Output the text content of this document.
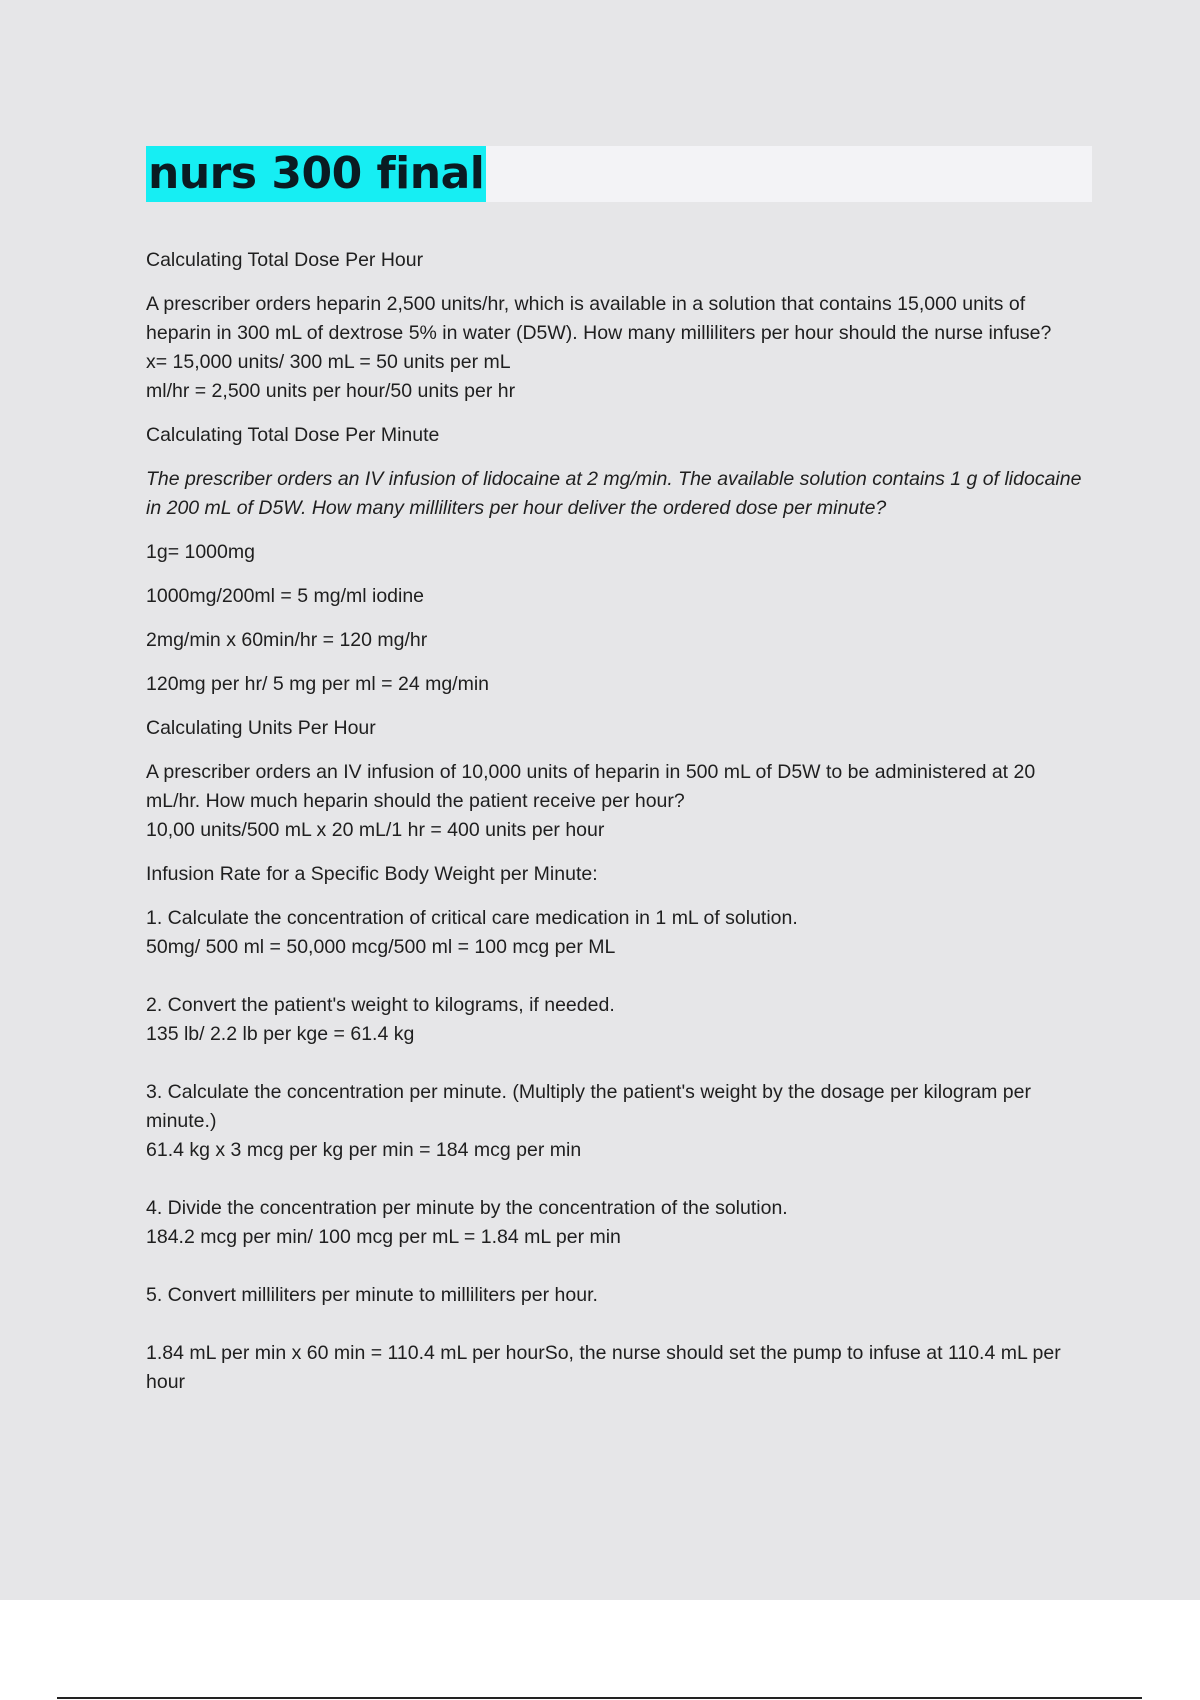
nurs 300 final
Calculating Total Dose Per Hour
A prescriber orders heparin 2,500 units/hr, which is available in a solution that contains 15,000 units of heparin in 300 mL of dextrose 5% in water (D5W). How many milliliters per hour should the nurse infuse?
x= 15,000 units/ 300 mL = 50 units per mL
ml/hr = 2,500 units per hour/50 units per hr
Calculating Total Dose Per Minute
The prescriber orders an IV infusion of lidocaine at 2 mg/min. The available solution contains 1 g of lidocaine in 200 mL of D5W. How many milliliters per hour deliver the ordered dose per minute?
1g= 1000mg
1000mg/200ml = 5 mg/ml iodine
2mg/min x 60min/hr = 120 mg/hr
120mg per hr/ 5 mg per ml = 24 mg/min
Calculating Units Per Hour
A prescriber orders an IV infusion of 10,000 units of heparin in 500 mL of D5W to be administered at 20 mL/hr. How much heparin should the patient receive per hour?
10,00 units/500 mL x 20 mL/1 hr = 400 units per hour
Infusion Rate for a Specific Body Weight per Minute:
1. Calculate the concentration of critical care medication in 1 mL of solution.
50mg/ 500 ml = 50,000 mcg/500 ml = 100 mcg per ML
2. Convert the patient's weight to kilograms, if needed.
135 lb/ 2.2 lb per kge = 61.4 kg
3. Calculate the concentration per minute. (Multiply the patient's weight by the dosage per kilogram per minute.)
61.4 kg x 3 mcg per kg per min = 184 mcg per min
4. Divide the concentration per minute by the concentration of the solution.
184.2 mcg per min/ 100 mcg per mL = 1.84 mL per min
5. Convert milliliters per minute to milliliters per hour.
1.84 mL per min x 60 min = 110.4 mL per hourSo, the nurse should set the pump to infuse at 110.4 mL per hour
